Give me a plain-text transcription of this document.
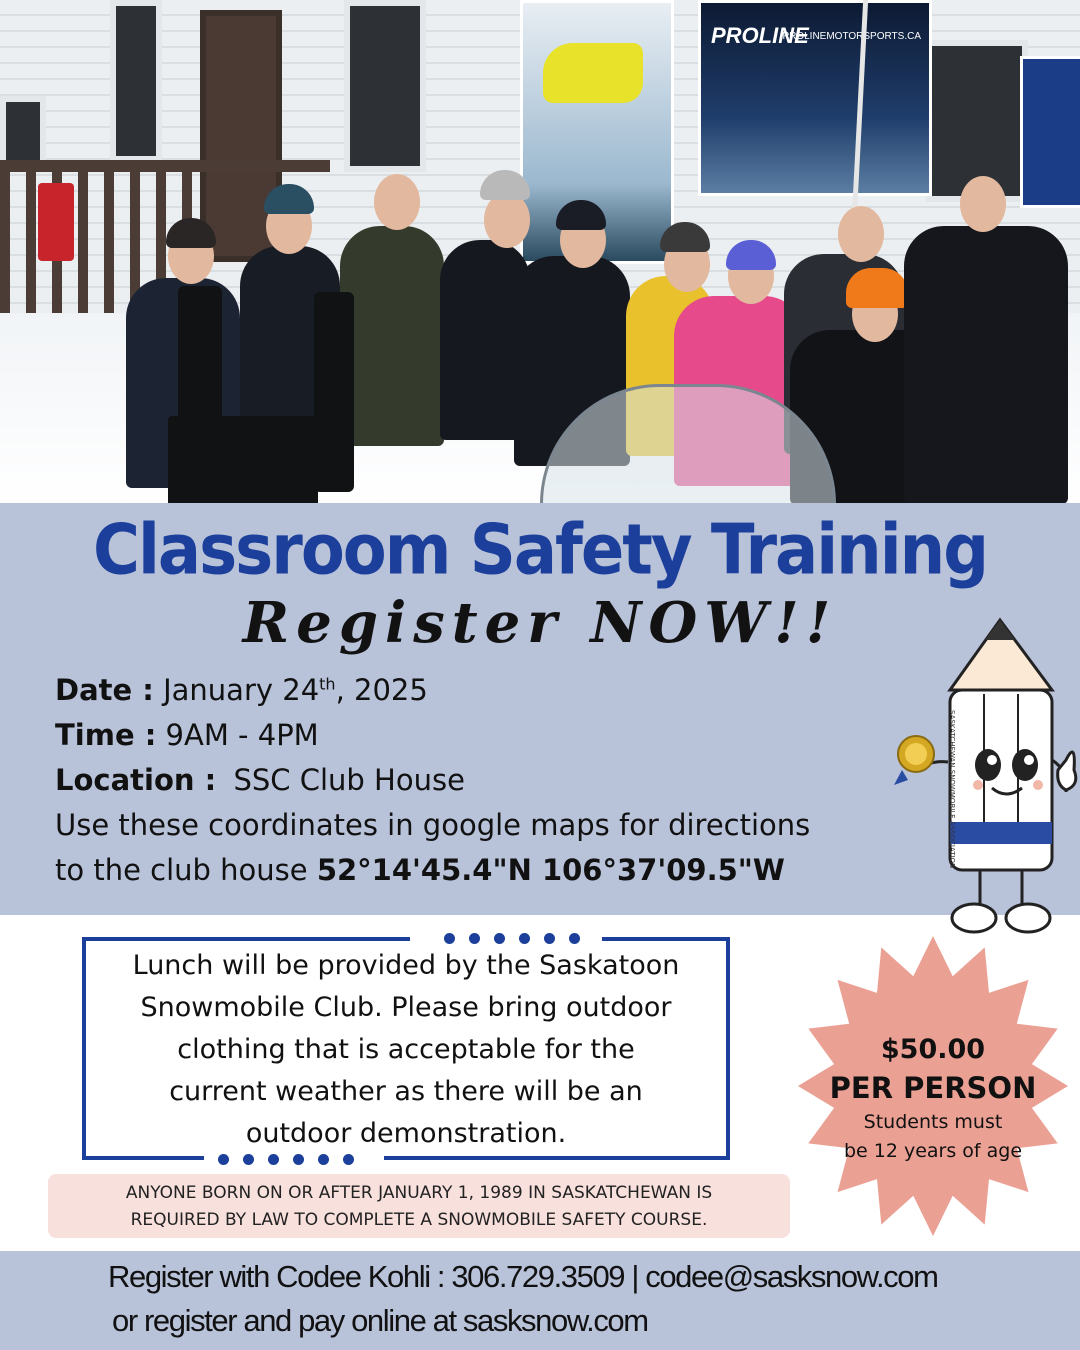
PROLINE
PROLINEMOTORSPORTS.CA
Classroom Safety Training
Register NOW!!
Date : January 24th, 2025
Time : 9AM - 4PM
Location : SSC Club House
Use these coordinates in google maps for directions
to the club house 52°14'45.4"N 106°37'09.5"W
SASKATCHEWAN SNOWMOBILE ASSOCIATION
Lunch will be provided by the Saskatoon
Snowmobile Club. Please bring outdoor
clothing that is acceptable for the
current weather as there will be an
outdoor demonstration.
ANYONE BORN ON OR AFTER JANUARY 1, 1989 IN SASKATCHEWAN IS
REQUIRED BY LAW TO COMPLETE A SNOWMOBILE SAFETY COURSE.
$50.00
PER PERSON
Students must
be 12 years of age
Register with Codee Kohli : 306.729.3509 | codee@sasksnow.com
or register and pay online at sasksnow.com
